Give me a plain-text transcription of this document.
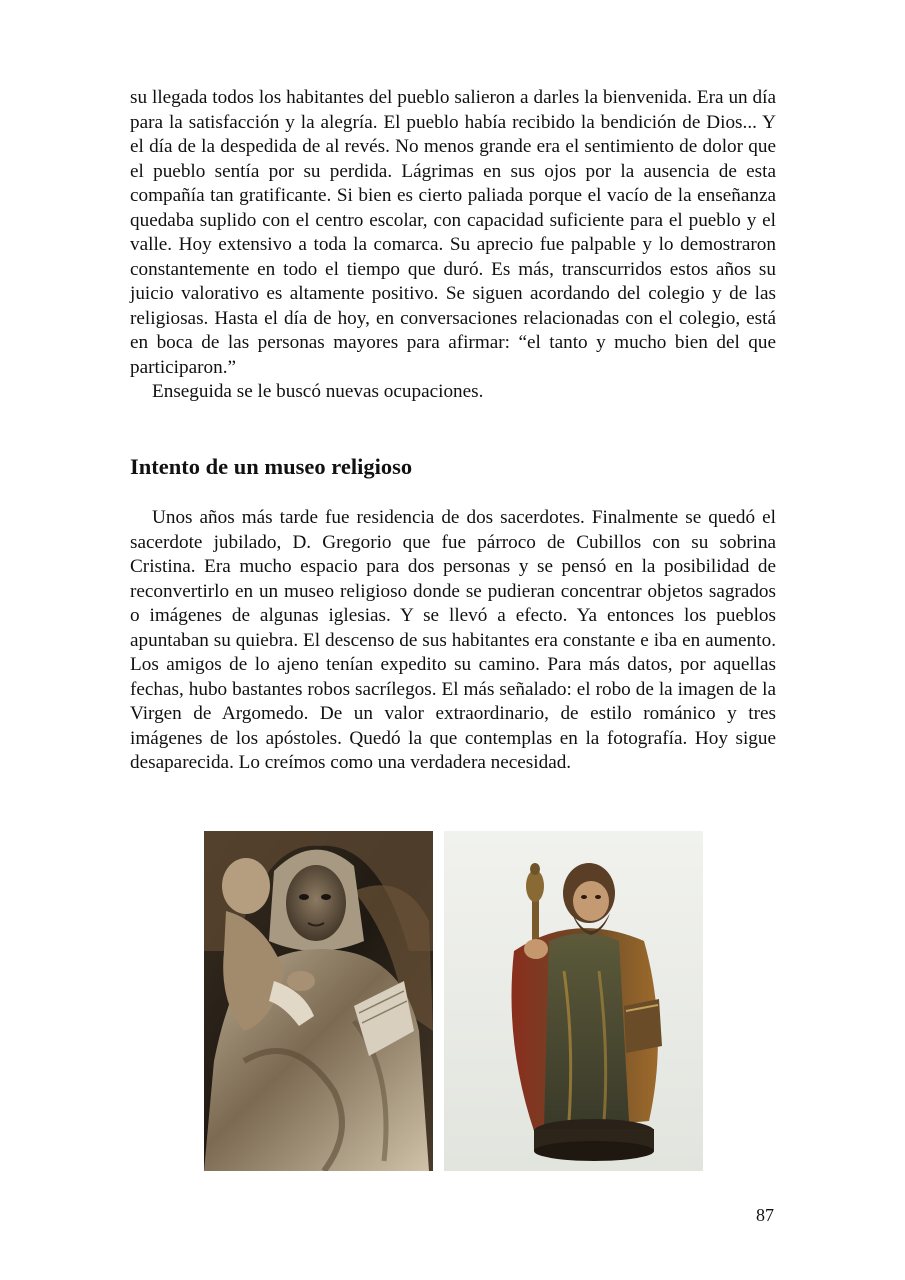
su llegada todos los habitantes del pueblo salieron a darles la bienvenida. Era un día para la satisfacción y la alegría. El pueblo había recibido la bendición de Dios... Y el día de la despedida de al revés. No menos grande era el sentimiento de dolor que el pueblo sentía por su perdida. Lágrimas en sus ojos por la ausencia de esta compañía tan gratificante. Si bien es cierto paliada porque el vacío de la enseñanza quedaba suplido con el centro escolar, con capacidad suficiente para el pueblo y el valle. Hoy extensivo a toda la comarca. Su aprecio fue palpable y lo demostraron constantemente en todo el tiempo que duró. Es más, transcurridos estos años su juicio valorativo es altamente positivo. Se siguen acordando del colegio y de las religiosas. Hasta el día de hoy, en conversaciones relacionadas con el colegio, está en boca de las personas mayores para afirmar: “el tanto y mucho bien del que participaron.”

Enseguida se le buscó nuevas ocupaciones.

Intento de un museo religioso

Unos años más tarde fue residencia de dos sacerdotes. Finalmente se quedó el sacerdote jubilado, D. Gregorio que fue párroco de Cubillos con su sobrina Cristina. Era mucho espacio para dos personas y se pensó en la posibilidad de reconvertirlo en un museo religioso donde se pudieran concentrar objetos sagrados o imágenes de algunas iglesias. Y se llevó a efecto. Ya entonces los pueblos apuntaban su quiebra. El descenso de sus habitantes era constante e iba en aumento. Los amigos de lo ajeno tenían expedito su camino. Para más datos, por aquellas fechas, hubo bastantes robos sacrílegos. El más señalado: el robo de la imagen de la Virgen de Argomedo. De un valor extraordinario, de estilo románico y tres imágenes de los apóstoles. Quedó la que contemplas en la fotografía. Hoy sigue desaparecida. Lo creímos como una verdadera necesidad.

87
